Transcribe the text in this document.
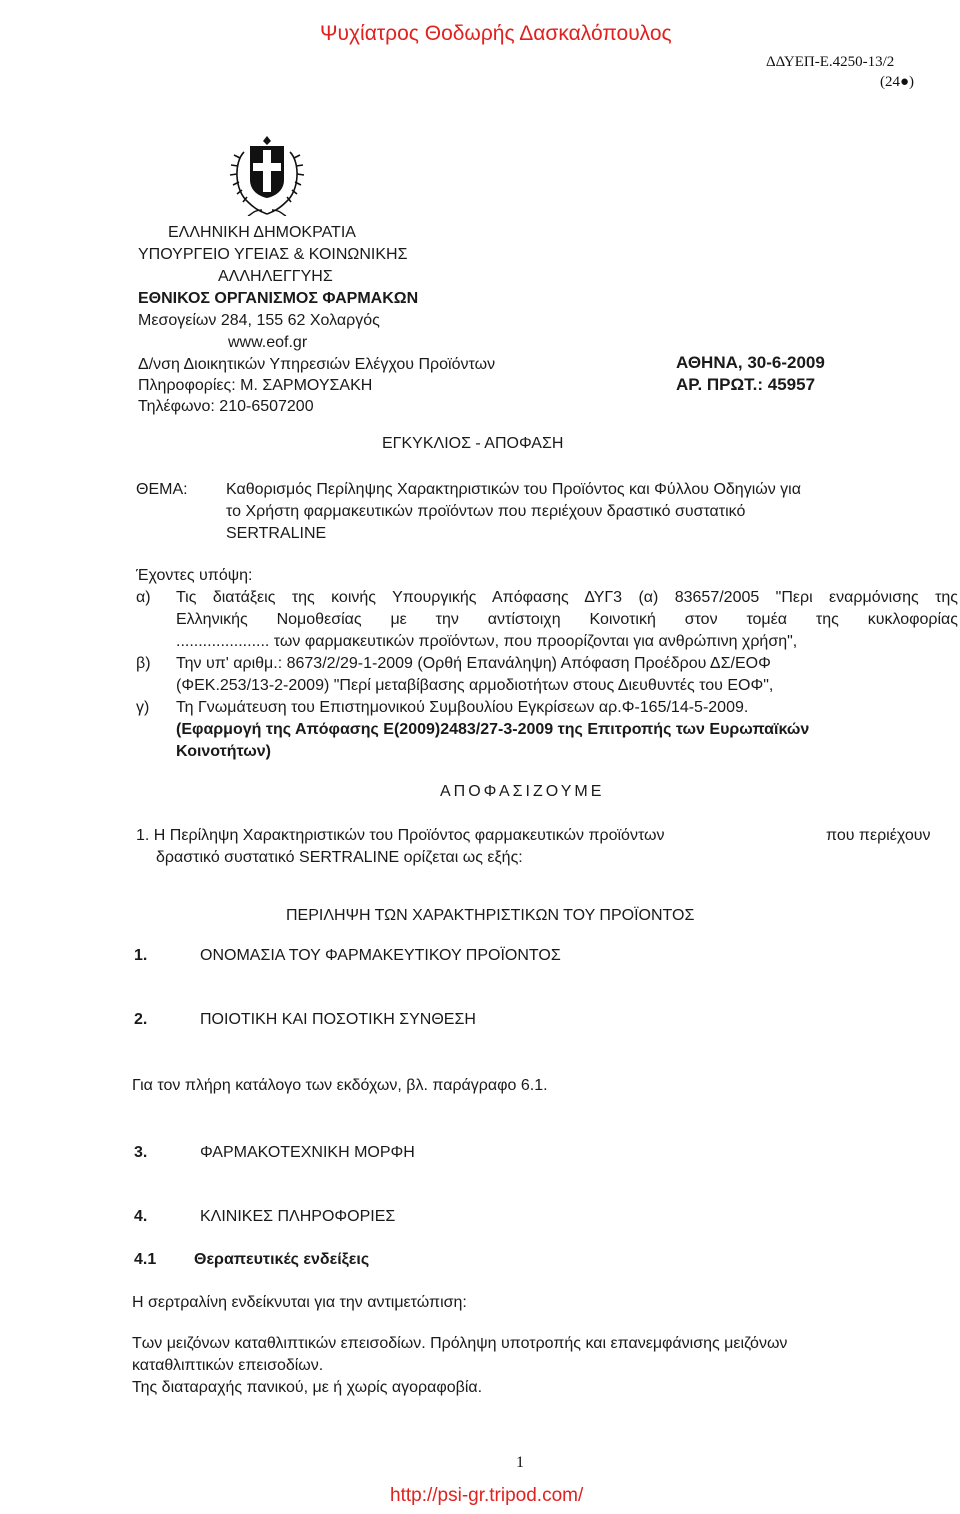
Ψυχίατρος Θοδωρής Δασκαλόπουλος
ΔΔΥΕΠ-Ε.4250-13/2
(24●)
ΕΛΛΗΝΙΚΗ ΔΗΜΟΚΡΑΤΙΑ
ΥΠΟΥΡΓΕΙΟ ΥΓΕΙΑΣ & ΚΟΙΝΩΝΙΚΗΣ
ΑΛΛΗΛΕΓΓΥΗΣ
ΕΘΝΙΚΟΣ ΟΡΓΑΝΙΣΜΟΣ ΦΑΡΜΑΚΩΝ
Μεσογείων 284, 155 62 Χολαργός
www.eof.gr
Δ/νση Διοικητικών Υπηρεσιών Ελέγχου Προϊόντων
Πληροφορίες: Μ. ΣΑΡΜΟΥΣΑΚΗ
Τηλέφωνο: 210-6507200
ΑΘΗΝΑ, 30-6-2009
ΑΡ. ΠΡΩΤ.: 45957
ΕΓΚΥΚΛΙΟΣ - ΑΠΟΦΑΣΗ
ΘΕΜΑ: Καθορισμός Περίληψης Χαρακτηριστικών του Προϊόντος και Φύλλου Οδηγιών για
το Χρήστη φαρμακευτικών προϊόντων που περιέχουν δραστικό συστατικό
SERTRALINE
Έχοντες υπόψη:
α) Τις διατάξεις της κοινής Υπουργικής Απόφασης ΔΥΓ3 (α) 83657/2005 "Περι εναρμόνισης της
Ελληνικής Νομοθεσίας με την αντίστοιχη Κοινοτική στον τομέα της κυκλοφορίας
..................... των φαρμακευτικών προϊόντων, που προορίζονται για ανθρώπινη χρήση",
β) Την υπ' αριθμ.: 8673/2/29-1-2009 (Ορθή Επανάληψη) Απόφαση Προέδρου ΔΣ/ΕΟΦ
(ΦΕΚ.253/13-2-2009) "Περί μεταβίβασης αρμοδιοτήτων στους Διευθυντές του ΕΟΦ",
γ) Τη Γνωμάτευση του Επιστημονικού Συμβουλίου Εγκρίσεων αρ.Φ-165/14-5-2009.
(Εφαρμογή της Απόφασης Ε(2009)2483/27-3-2009 της Επιτροπής των Ευρωπαϊκών
Κοινοτήτων)
ΑΠΟΦΑΣΙΖΟΥΜΕ
1. Η Περίληψη Χαρακτηριστικών του Προϊόντος φαρμακευτικών προϊόντων	που περιέχουν
δραστικό συστατικό SERTRALINE ορίζεται ως εξής:
ΠΕΡΙΛΗΨΗ ΤΩΝ ΧΑΡΑΚΤΗΡΙΣΤΙΚΩΝ ΤΟΥ ΠΡΟΪΟΝΤΟΣ
1.	ΟΝΟΜΑΣΙΑ ΤΟΥ ΦΑΡΜΑΚΕΥΤΙΚΟΥ ΠΡΟΪΟΝΤΟΣ
2.	ΠΟΙΟΤΙΚΗ ΚΑΙ ΠΟΣΟΤΙΚΗ ΣΥΝΘΕΣΗ
Για τον πλήρη κατάλογο των εκδόχων, βλ. παράγραφο 6.1.
3.	ΦΑΡΜΑΚΟΤΕΧΝΙΚΗ ΜΟΡΦΗ
4.	ΚΛΙΝΙΚΕΣ ΠΛΗΡΟΦΟΡΙΕΣ
4.1 Θεραπευτικές ενδείξεις
Η σερτραλίνη ενδείκνυται για την αντιμετώπιση:
Των μειζόνων καταθλιπτικών επεισοδίων. Πρόληψη υποτροπής και επανεμφάνισης μειζόνων
καταθλιπτικών επεισοδίων.
Της διαταραχής πανικού, με ή χωρίς αγοραφοβία.
1
http://psi-gr.tripod.com/
